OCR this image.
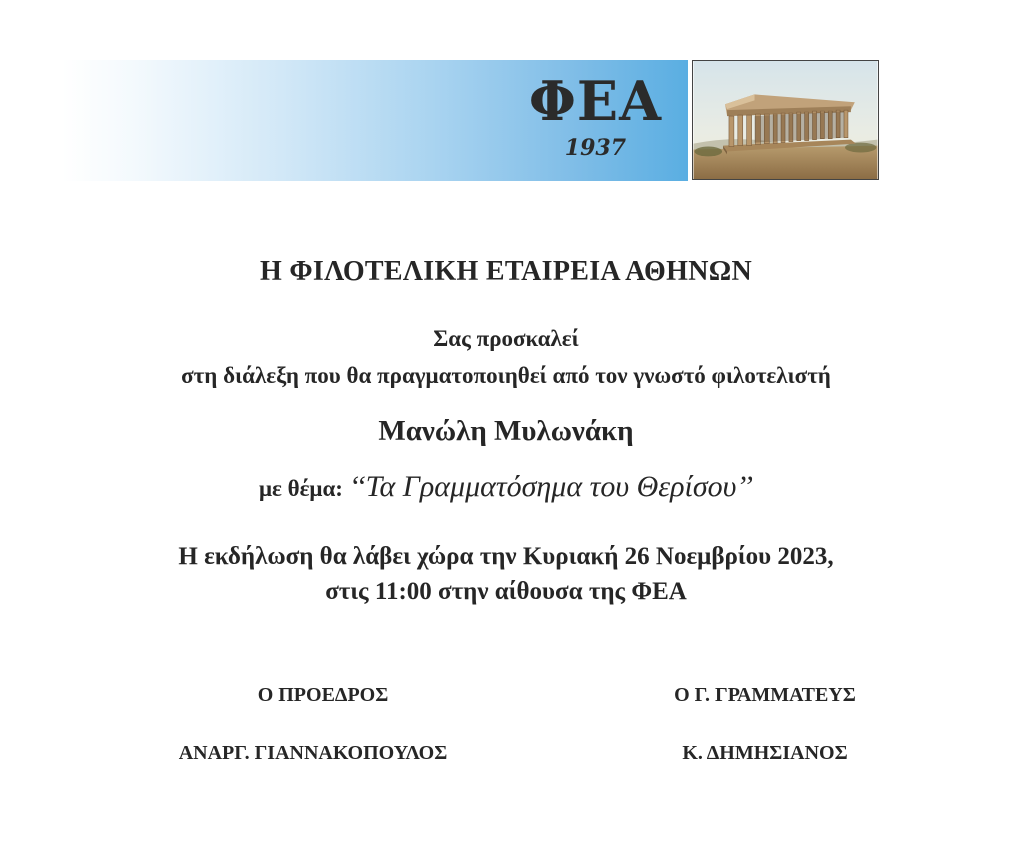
ΦΕΑ
1937
Η ΦΙΛΟΤΕΛΙΚΗ ΕΤΑΙΡΕΙΑ ΑΘΗΝΩΝ
Σας προσκαλεί
στη διάλεξη που θα πραγματοποιηθεί από τον γνωστό φιλοτελιστή
Μανώλη Μυλωνάκη
με θέμα: ‘‘Τα Γραμματόσημα του Θερίσου’’
Η εκδήλωση θα λάβει χώρα την Κυριακή 26 Νοεμβρίου 2023,
στις 11:00 στην αίθουσα της ΦΕΑ
Ο ΠΡΟΕΔΡΟΣ
ΑΝΑΡΓ. ΓΙΑΝΝΑΚΟΠΟΥΛΟΣ
Ο Γ. ΓΡΑΜΜΑΤΕΥΣ
Κ. ΔΗΜΗΣΙΑΝΟΣ
